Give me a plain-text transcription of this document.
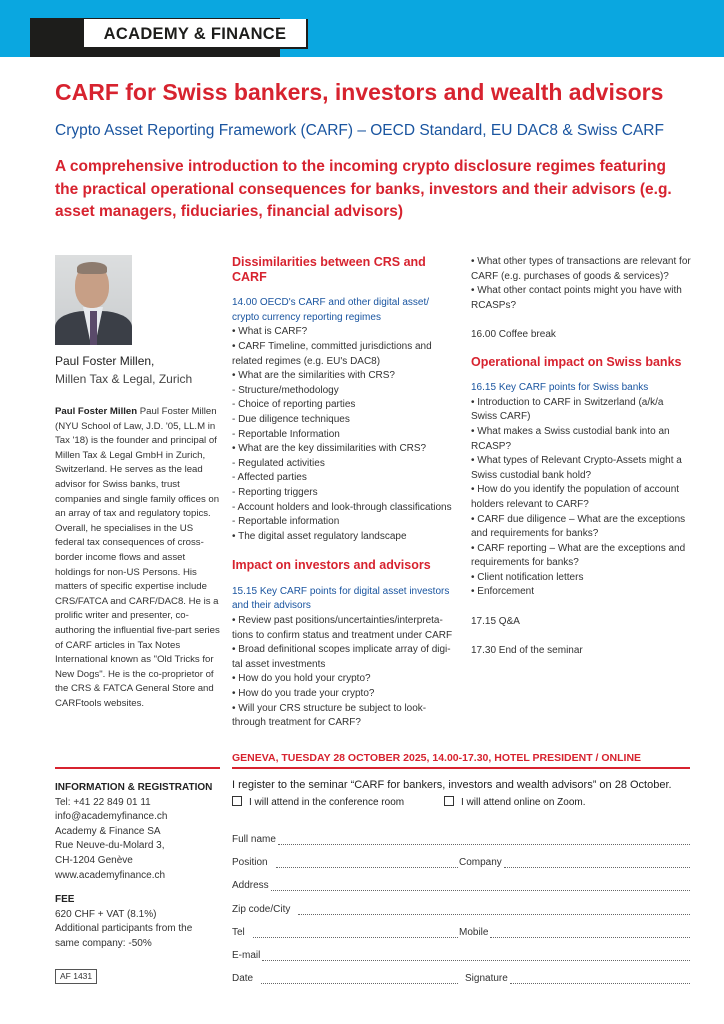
ACADEMY & FINANCE
CARF for Swiss bankers, investors and wealth advisors
Crypto Asset Reporting Framework (CARF) – OECD Standard, EU DAC8 & Swiss CARF
A comprehensive introduction to the incoming crypto disclosure regimes featuring the practical operational consequences for banks, investors and their advisors (e.g. asset managers, fiduciaries, financial advisors)
Paul Foster Millen,
Millen Tax & Legal, Zurich
Paul Foster Millen Paul Foster Millen (NYU School of Law, J.D. '05, LL.M in Tax '18) is the founder and principal of Millen Tax & Legal GmbH in Zurich, Switzerland. He serves as the lead advisor for Swiss banks, trust companies and single family offices on an array of tax and regulatory topics. Overall, he specialises in the US federal tax consequences of cross-border income flows and asset holdings for non-US Persons. His matters of specific expertise include CRS/FATCA and CARF/DAC8. He is a prolific writer and presenter, co-authoring the influential five-part series of CARF articles in Tax Notes International known as "Old Tricks for New Dogs". He is the co-proprietor of the CRS & FATCA General Store and CARFtools websites.
Dissimilarities between CRS and CARF
14.00 OECD's CARF and other digital asset/
crypto currency reporting regimes
• What is CARF?
• CARF Timeline, committed jurisdictions and
related regimes (e.g. EU's DAC8)
• What are the similarities with CRS?
- Structure/methodology
- Choice of reporting parties
- Due diligence techniques
- Reportable Information
• What are the key dissimilarities with CRS?
- Regulated activities
- Affected parties
- Reporting triggers
- Account holders and look-through classifications
- Reportable information
• The digital asset regulatory landscape
Impact on investors and advisors
15.15 Key CARF points for digital asset investors
and their advisors
• Review past positions/uncertainties/interpreta-
tions to confirm status and treatment under CARF
• Broad definitional scopes implicate array of digi-
tal asset investments
• How do you hold your crypto?
• How do you trade your crypto?
• Will your CRS structure be subject to look-
through treatment for CARF?
• What other types of transactions are relevant for
CARF (e.g. purchases of goods & services)?
• What other contact points might you have with
RCASPs?
16.00 Coffee break
Operational impact on Swiss banks
16.15 Key CARF points for Swiss banks
• Introduction to CARF in Switzerland (a/k/a
Swiss CARF)
• What makes a Swiss custodial bank into an
RCASP?
• What types of Relevant Crypto-Assets might a
Swiss custodial bank hold?
• How do you identify the population of account
holders relevant to CARF?
• CARF due diligence – What are the exceptions
and requirements for banks?
• CARF reporting – What are the exceptions and
requirements for banks?
• Client notification letters
• Enforcement
17.15 Q&A
17.30 End of the seminar
GENEVA, TUESDAY 28 OCTOBER 2025, 14.00-17.30, HOTEL PRESIDENT / ONLINE
INFORMATION & REGISTRATION
Tel: +41 22 849 01 11
info@academyfinance.ch
Academy & Finance SA
Rue Neuve-du-Molard 3,
CH-1204 Genève
www.academyfinance.ch
FEE
620 CHF + VAT (8.1%)
Additional participants from the
same company: -50%
AF 1431
I register to the seminar “CARF for bankers, investors and wealth advisors” on 28 October.
I will attend in the conference room	I will attend online on Zoom.
Full name
Position	Company
Address
Zip code/City
Tel	Mobile
E-mail
Date	Signature
